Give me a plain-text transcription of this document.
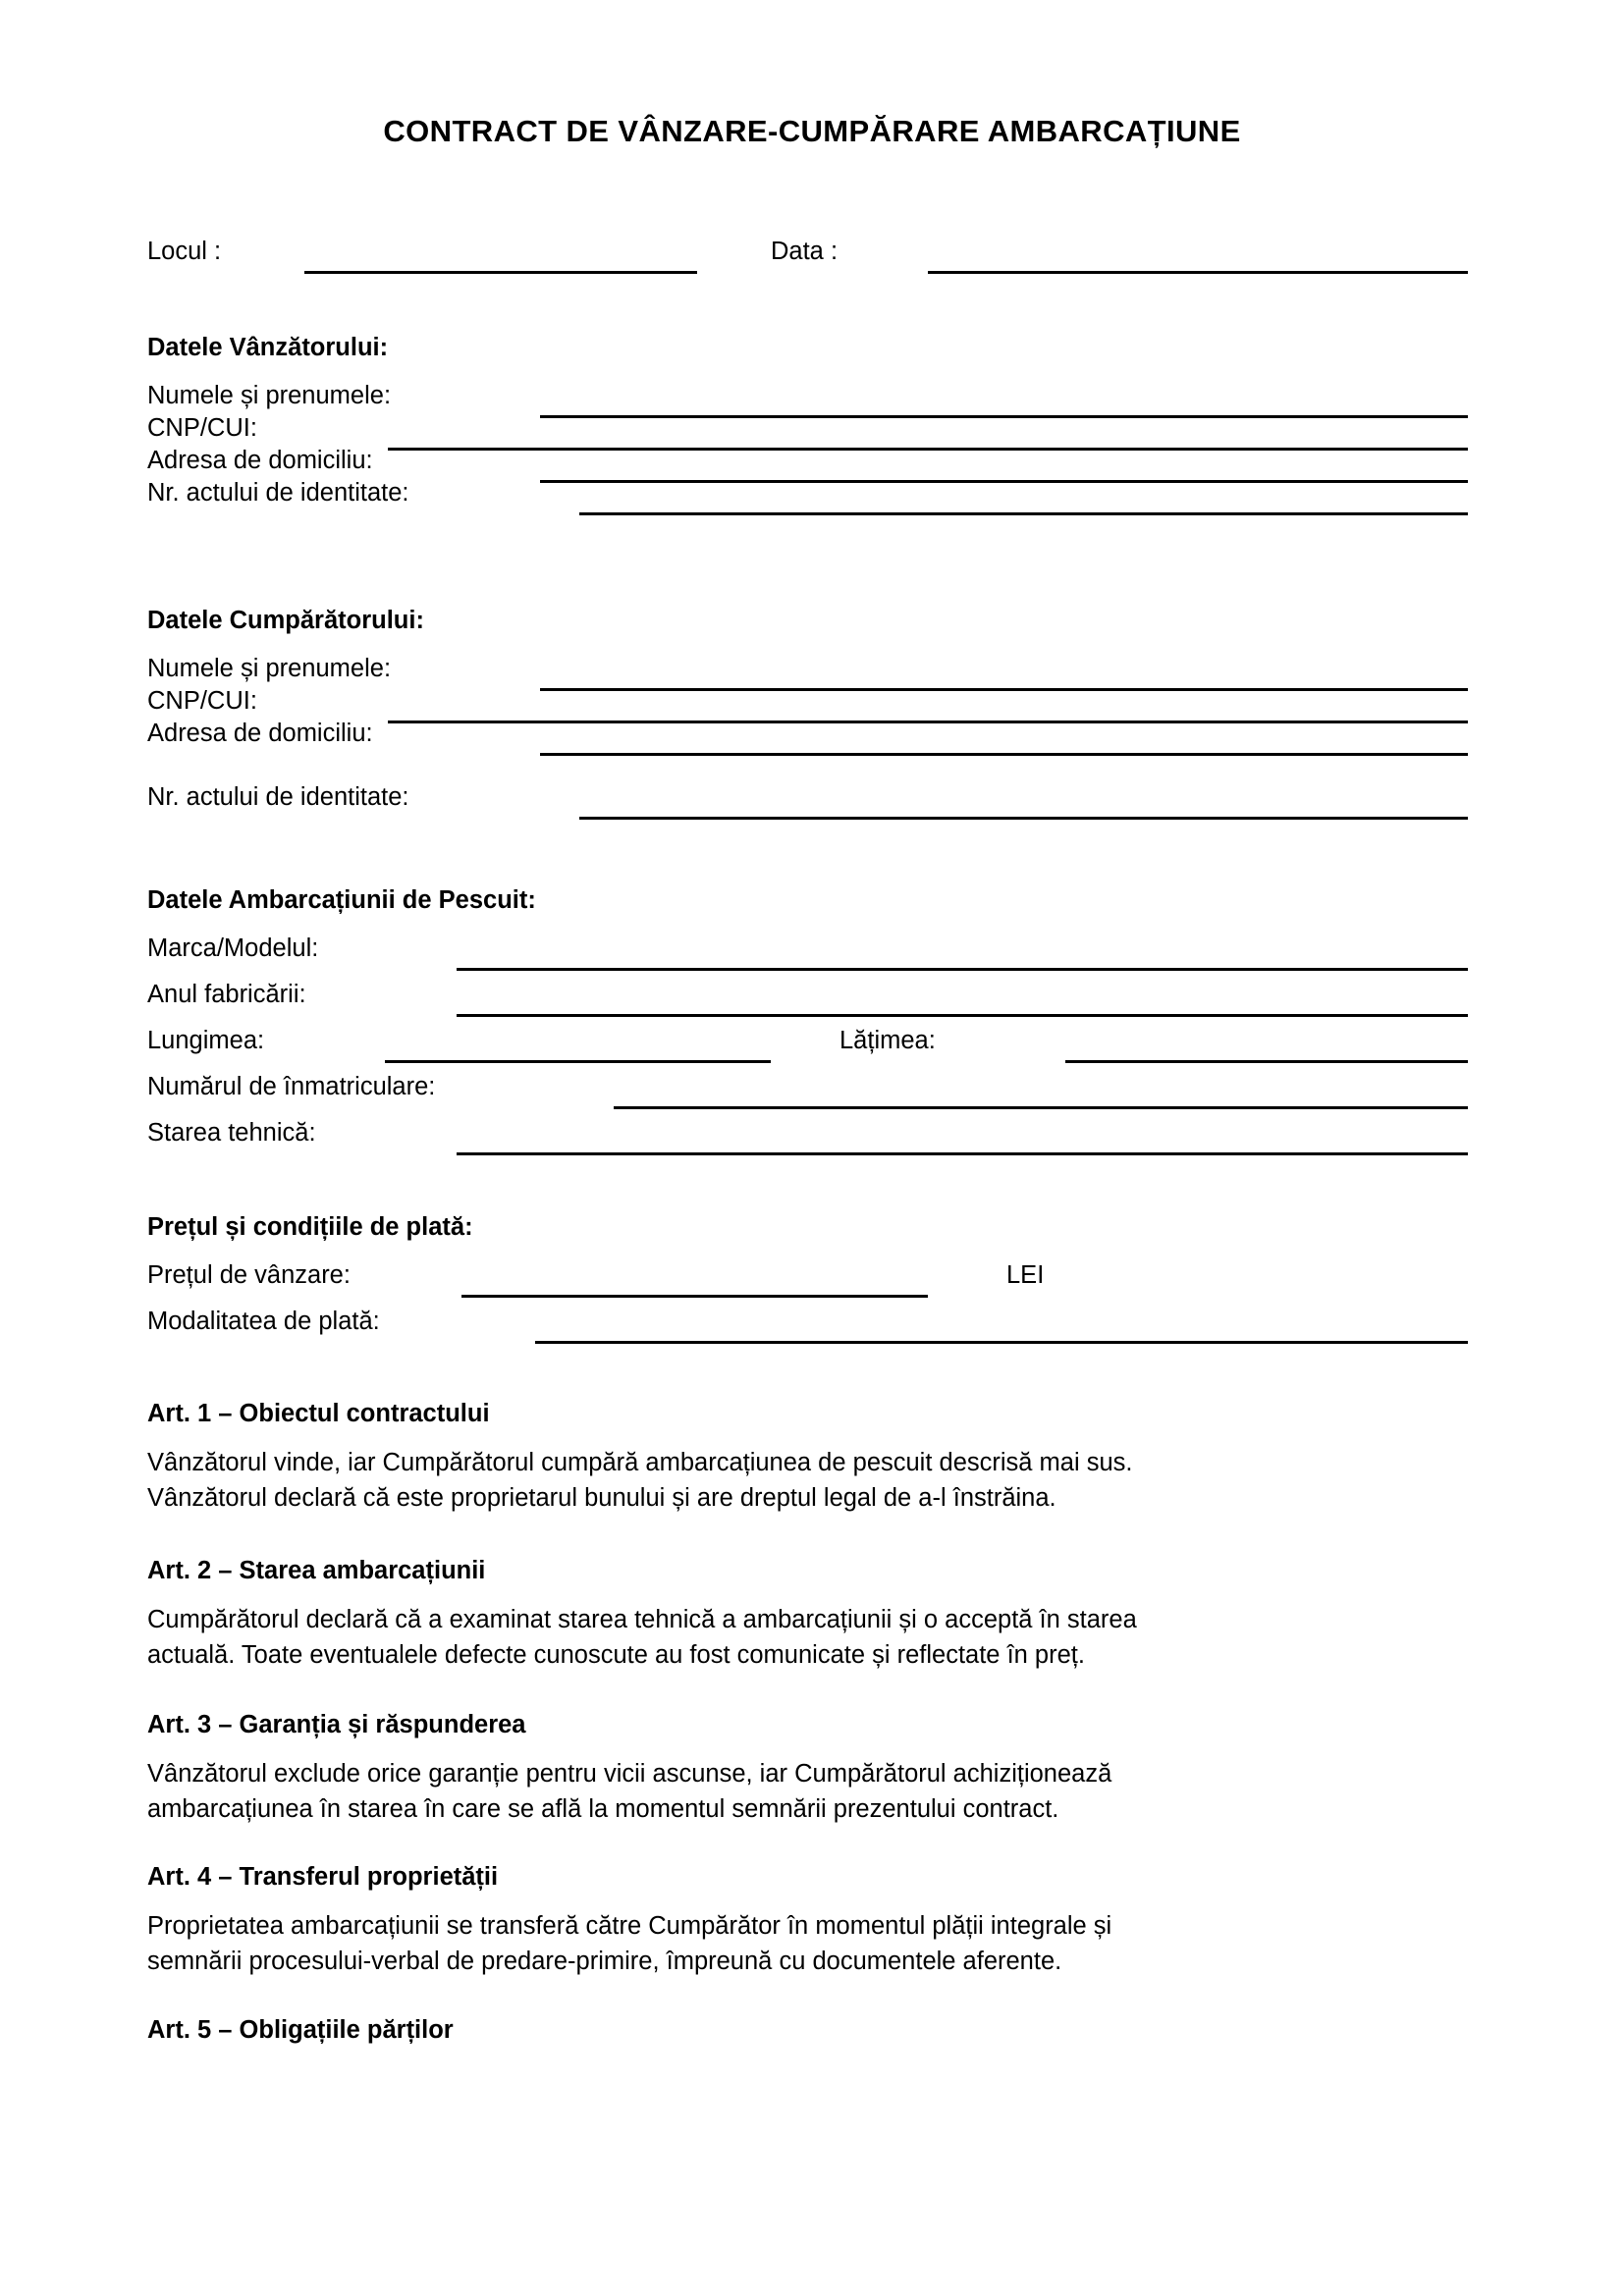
CONTRACT DE VÂNZARE-CUMPĂRARE AMBARCAȚIUNE
Locul :	Data :
Datele Vânzătorului:
Numele și prenumele:
CNP/CUI:
Adresa de domiciliu:
Nr. actului de identitate:
Datele Cumpărătorului:
Numele și prenumele:
CNP/CUI:
Adresa de domiciliu:
Nr. actului de identitate:
Datele Ambarcațiunii de Pescuit:
Marca/Modelul:
Anul fabricării:
Lungimea:	Lățimea:
Numărul de înmatriculare:
Starea tehnică:
Prețul și condițiile de plată:
Prețul de vânzare:	LEI
Modalitatea de plată:
Art. 1 – Obiectul contractului
Vânzătorul vinde, iar Cumpărătorul cumpără ambarcațiunea de pescuit descrisă mai sus.
Vânzătorul declară că este proprietarul bunului și are dreptul legal de a-l înstrăina.
Art. 2 – Starea ambarcațiunii
Cumpărătorul declară că a examinat starea tehnică a ambarcațiunii și o acceptă în starea
actuală. Toate eventualele defecte cunoscute au fost comunicate și reflectate în preț.
Art. 3 – Garanția și răspunderea
Vânzătorul exclude orice garanție pentru vicii ascunse, iar Cumpărătorul achiziționează
ambarcațiunea în starea în care se află la momentul semnării prezentului contract.
Art. 4 – Transferul proprietății
Proprietatea ambarcațiunii se transferă către Cumpărător în momentul plății integrale și
semnării procesului-verbal de predare-primire, împreună cu documentele aferente.
Art. 5 – Obligațiile părților
